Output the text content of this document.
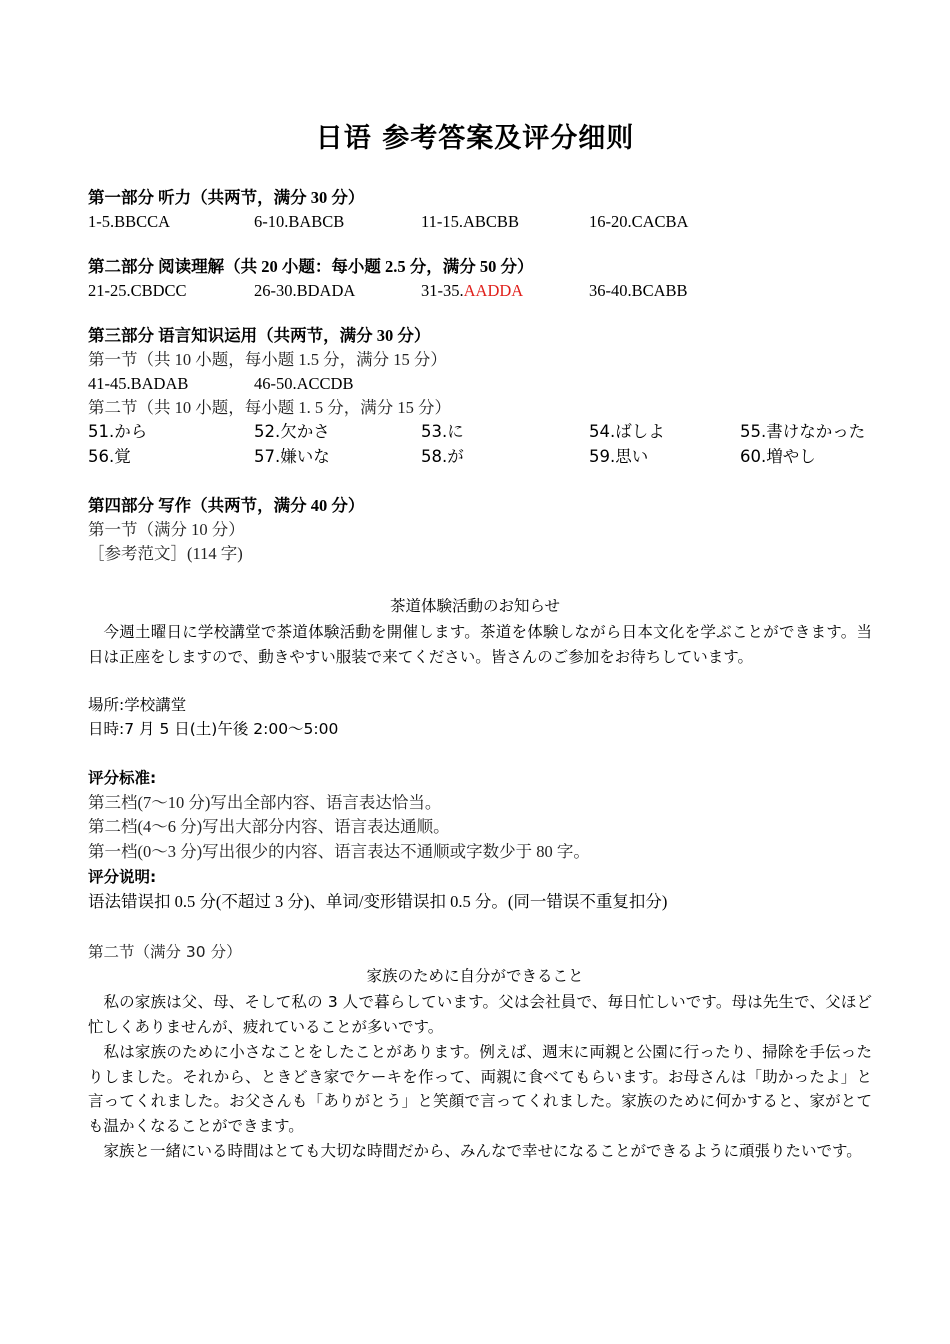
日语 参考答案及评分细则
第一部分 听力（共两节，满分 30 分）
1-5.BBCCA	6-10.BABCB	11-15.ABCBB	16-20.CACBA
第二部分 阅读理解（共 20 小题：每小题 2.5 分，满分 50 分）
21-25.CBDCC	26-30.BDADA	31-35.AADDA	36-40.BCABB
第三部分 语言知识运用（共两节，满分 30 分）
第一节（共 10 小题，每小题 1.5 分，满分 15 分）
41-45.BADAB	46-50.ACCDB
第二节（共 10 小题，每小题 1. 5 分，满分 15 分）
51.から	52.欠かさ	53.に	54.ばしよ	55.書けなかった
56.覚	57.嫌いな	58.が	59.思い	60.増やし
第四部分 写作（共两节，满分 40 分）
第一节（满分 10 分）
［参考范文］(114 字)
茶道体験活動のお知らせ
今週土曜日に学校講堂で茶道体験活動を開催します。茶道を体験しながら日本文化を学ぶことができます。当日は正座をしますので、動きやすい服装で来てください。皆さんのご参加をお待ちしています。
場所:学校講堂
日時:7 月 5 日(土)午後 2:00〜5:00
评分标准:
第三档(7～10 分)写出全部内容、语言表达恰当。
第二档(4～6 分)写出大部分内容、语言表达通顺。
第一档(0～3 分)写出很少的内容、语言表达不通顺或字数少于 80 字。
评分说明:
语法错误扣 0.5 分(不超过 3 分)、单词/变形错误扣 0.5 分。(同一错误不重复扣分)
第二节（满分 30 分）
家族のために自分ができること
私の家族は父、母、そして私の 3 人で暮らしています。父は会社員で、毎日忙しいです。母は先生で、父ほど忙しくありませんが、疲れていることが多いです。
私は家族のために小さなことをしたことがあります。例えば、週末に両親と公園に行ったり、掃除を手伝ったりしました。それから、ときどき家でケーキを作って、両親に食べてもらいます。お母さんは「助かったよ」と言ってくれました。お父さんも「ありがとう」と笑顔で言ってくれました。家族のために何かすると、家がとても温かくなることができます。
家族と一緒にいる時間はとても大切な時間だから、みんなで幸せになることができるように頑張りたいです。
